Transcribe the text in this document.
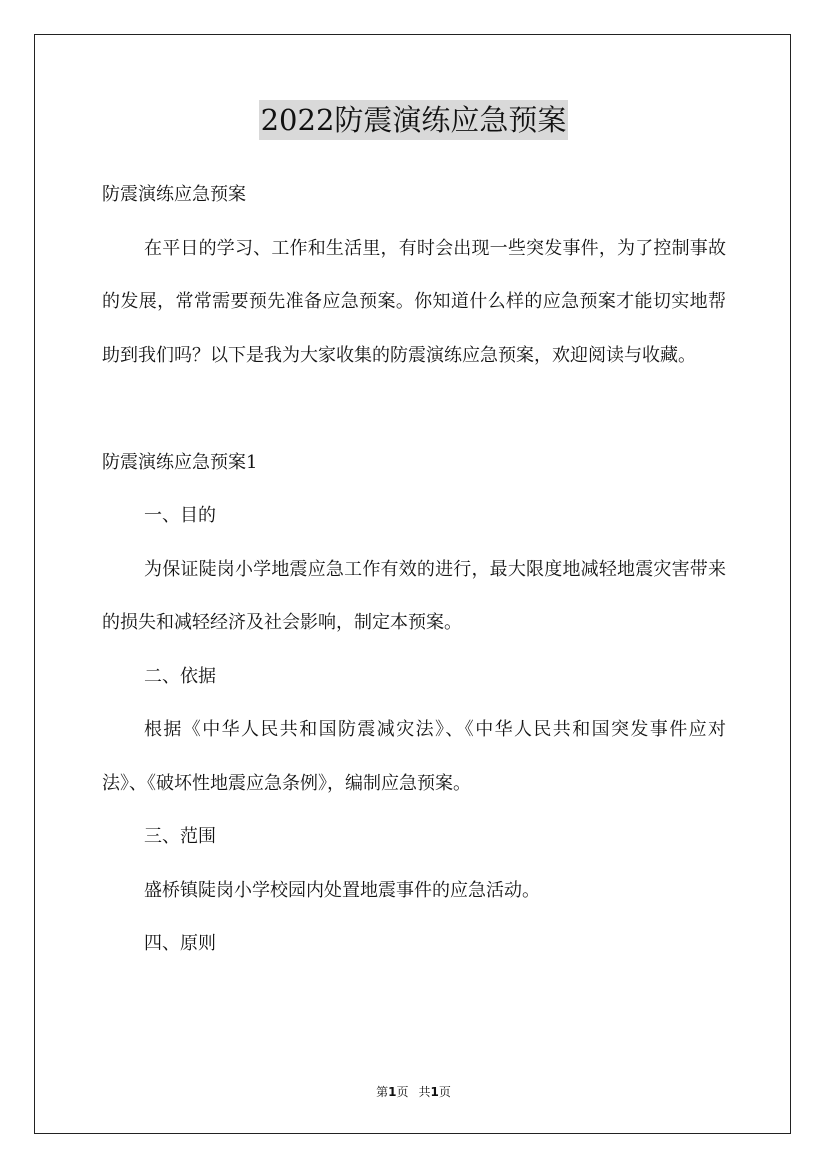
2022防震演练应急预案

防震演练应急预案

在平日的学习、工作和生活里，有时会出现一些突发事件，为了控制事故的发展，常常需要预先准备应急预案。你知道什么样的应急预案才能切实地帮助到我们吗？以下是我为大家收集的防震演练应急预案，欢迎阅读与收藏。

防震演练应急预案1

一、目的

为保证陡岗小学地震应急工作有效的进行，最大限度地减轻地震灾害带来的损失和减轻经济及社会影响，制定本预案。

二、依据

根据《中华人民共和国防震减灾法》、《中华人民共和国突发事件应对法》、《破坏性地震应急条例》，编制应急预案。

三、范围

盛桥镇陡岗小学校园内处置地震事件的应急活动。

四、原则

第1页 共1页
